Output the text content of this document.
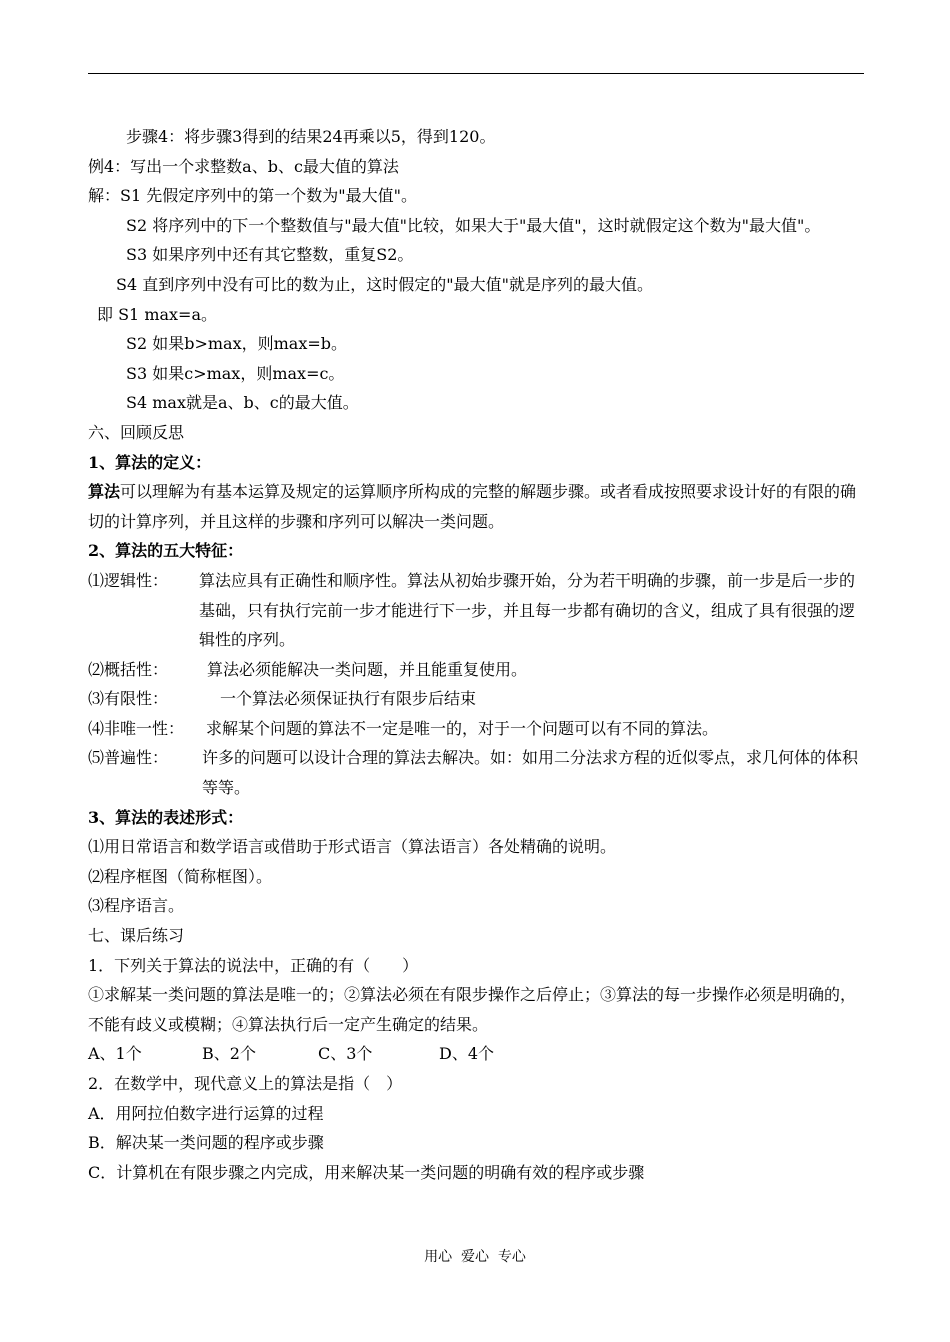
步骤4：将步骤3得到的结果24再乘以5，得到120。
例4：写出一个求整数a、b、c最大值的算法
解：S1 先假定序列中的第一个数为"最大值"。
S2 将序列中的下一个整数值与"最大值"比较，如果大于"最大值"，这时就假定这个数为"最大值"。
S3 如果序列中还有其它整数，重复S2。
S4 直到序列中没有可比的数为止，这时假定的"最大值"就是序列的最大值。
即 S1 max=a。
S2 如果b>max，则max=b。
S3 如果c>max，则max=c。
S4 max就是a、b、c的最大值。
六、回顾反思
1、算法的定义：
算法可以理解为有基本运算及规定的运算顺序所构成的完整的解题步骤。或者看成按照要求设计好的有限的确切的计算序列，并且这样的步骤和序列可以解决一类问题。
2、算法的五大特征：
⑴逻辑性：	算法应具有正确性和顺序性。算法从初始步骤开始，分为若干明确的步骤，前一步是后一步的基础，只有执行完前一步才能进行下一步，并且每一步都有确切的含义，组成了具有很强的逻辑性的序列。
⑵概括性：	算法必须能解决一类问题，并且能重复使用。
⑶有限性：	一个算法必须保证执行有限步后结束
⑷非唯一性：	求解某个问题的算法不一定是唯一的，对于一个问题可以有不同的算法。
⑸普遍性：	许多的问题可以设计合理的算法去解决。如：如用二分法求方程的近似零点，求几何体的体积等等。
3、算法的表述形式：
⑴用日常语言和数学语言或借助于形式语言（算法语言）各处精确的说明。
⑵程序框图（简称框图）。
⑶程序语言。
七、课后练习
1．下列关于算法的说法中，正确的有（　　）
①求解某一类问题的算法是唯一的；②算法必须在有限步操作之后停止；③算法的每一步操作必须是明确的，不能有歧义或模糊；④算法执行后一定产生确定的结果。
A、1个	B、2个	C、3个	D、4个
2．在数学中，现代意义上的算法是指（　）
A．用阿拉伯数字进行运算的过程
B．解决某一类问题的程序或步骤
C．计算机在有限步骤之内完成，用来解决某一类问题的明确有效的程序或步骤
用心  爱心  专心
